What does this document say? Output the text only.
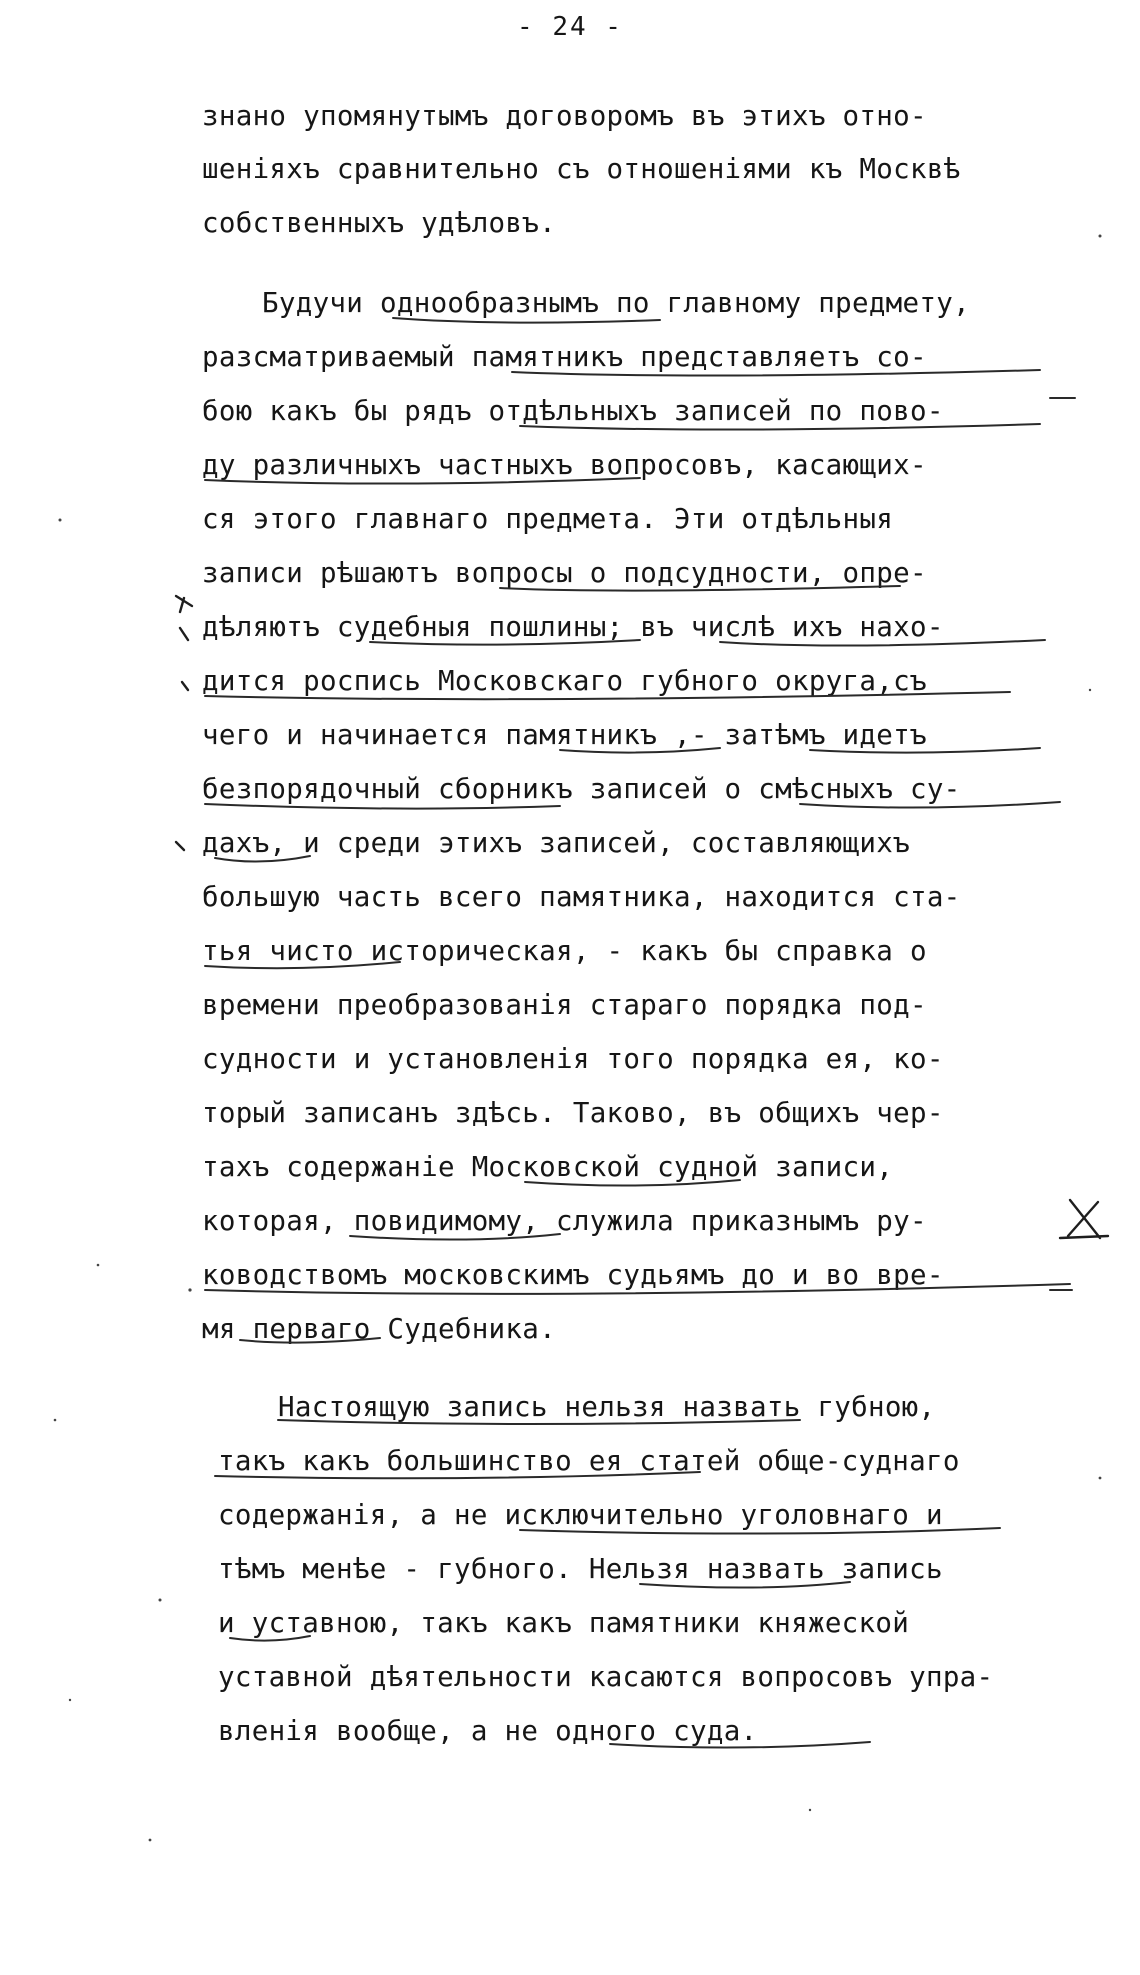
- 24 -
знано упомянутымъ договоромъ въ этихъ отно-
шеніяхъ сравнительно съ отношеніями къ Москвѣ
собственныхъ удѣловъ.
Будучи однообразнымъ по главному предмету,
разсматриваемый памятникъ представляетъ со-
бою какъ бы рядъ отдѣльныхъ записей по пово-
ду различныхъ частныхъ вопросовъ, касающих-
ся этого главнаго предмета. Эти отдѣльныя
записи рѣшаютъ вопросы о подсудности, опре-
дѣляютъ судебныя пошлины; въ числѣ ихъ нахо-
дится роспись Московскаго губного округа,съ
чего и начинается памятникъ ,- затѣмъ идетъ
безпорядочный сборникъ записей о смѣсныхъ су-
дахъ, и среди этихъ записей, составляющихъ
большую часть всего памятника, находится ста-
тья чисто историческая, - какъ бы справка о
времени преобразованія стараго порядка под-
судности и установленія того порядка ея, ко-
торый записанъ здѣсь. Таково, въ общихъ чер-
тахъ содержаніе Московской судной записи,
которая, повидимому, служила приказнымъ ру-
ководствомъ московскимъ судьямъ до и во вре-
мя перваго Судебника.
Настоящую запись нельзя назвать губною,
такъ какъ большинство ея статей обще-суднаго
содержанія, а не исключительно уголовнаго и
тѣмъ менѣе - губного. Нельзя назвать запись
и уставною, такъ какъ памятники княжеской
уставной дѣятельности касаются вопросовъ упра-
вленія вообще, а не одного суда.
